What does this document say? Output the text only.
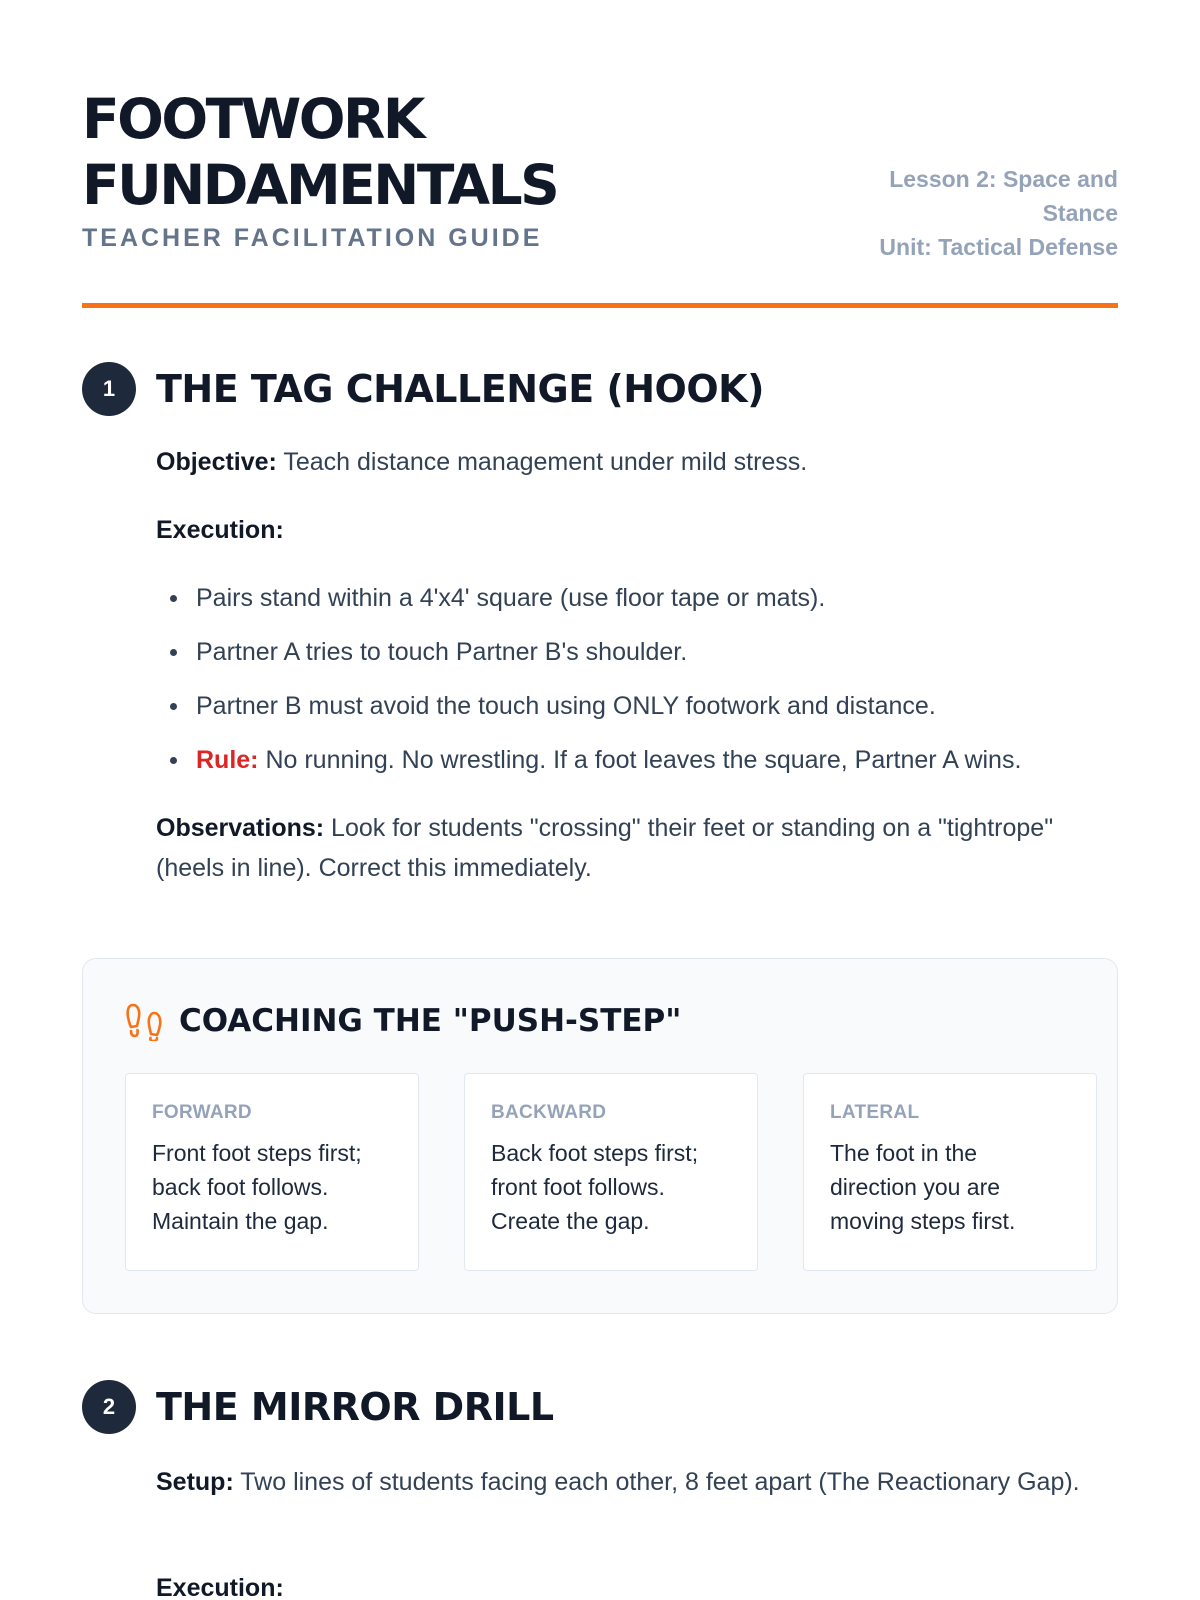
FOOTWORK
FUNDAMENTALS
TEACHER FACILITATION GUIDE
Lesson 2: Space and
Stance
Unit: Tactical Defense
1	THE TAG CHALLENGE (HOOK)

Objective: Teach distance management under mild stress.

Execution:

Pairs stand within a 4'x4' square (use floor tape or mats).
Partner A tries to touch Partner B's shoulder.
Partner B must avoid the touch using ONLY footwork and distance.
Rule: No running. No wrestling. If a foot leaves the square, Partner A wins.

Observations: Look for students "crossing" their feet or standing on a "tightrope" (heels in line). Correct this immediately.

COACHING THE "PUSH-STEP"
FORWARD
Front foot steps first; back foot follows. Maintain the gap.
BACKWARD
Back foot steps first; front foot follows. Create the gap.
LATERAL
The foot in the direction you are moving steps first.
2	THE MIRROR DRILL

Setup: Two lines of students facing each other, 8 feet apart (The Reactionary Gap).

Execution:
